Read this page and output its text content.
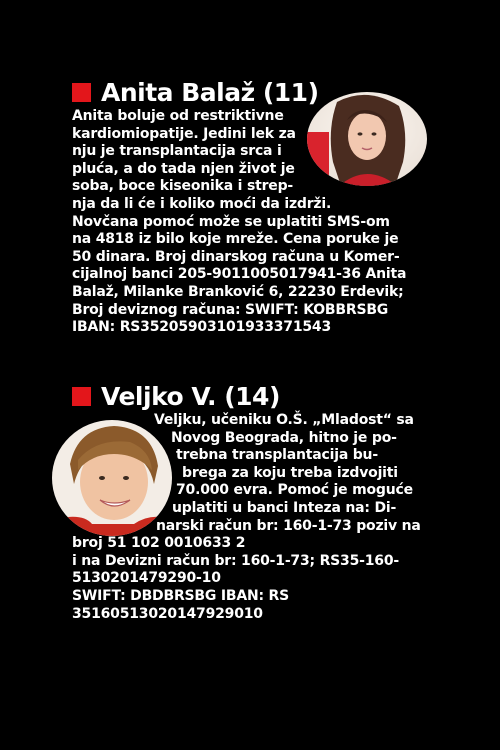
Anita Balaž (11)
Anita boluje od restriktivne
kardiomiopatije. Jedini lek za
nju je transplantacija srca i
pluća, a do tada njen život je
soba, boce kiseonika i strep-
nja da li će i koliko moći da izdrži.
Novčana pomoć može se uplatiti SMS-om
na 4818 iz bilo koje mreže. Cena poruke je
50 dinara. Broj dinarskog računa u Komer-
cijalnoj banci 205-9011005017941-36 Anita
Balaž, Milanke Branković 6, 22230 Erdevik;
Broj deviznog računa: SWIFT: KOBBRSBG
IBAN: RS35205903101933371543
Veljko V. (14)
Veljku, učeniku O.Š. „Mladost“ sa
Novog Beograda, hitno je po-
trebna transplantacija bu-
brega za koju treba izdvojiti
70.000 evra. Pomoć je moguće
uplatiti u banci Inteza na: Di-
narski račun br: 160-1-73 poziv na
broj 51 102 0010633 2
i na Devizni račun br: 160-1-73; RS35-160-
5130201479290-10
SWIFT: DBDBRSBG IBAN: RS
35160513020147929010
